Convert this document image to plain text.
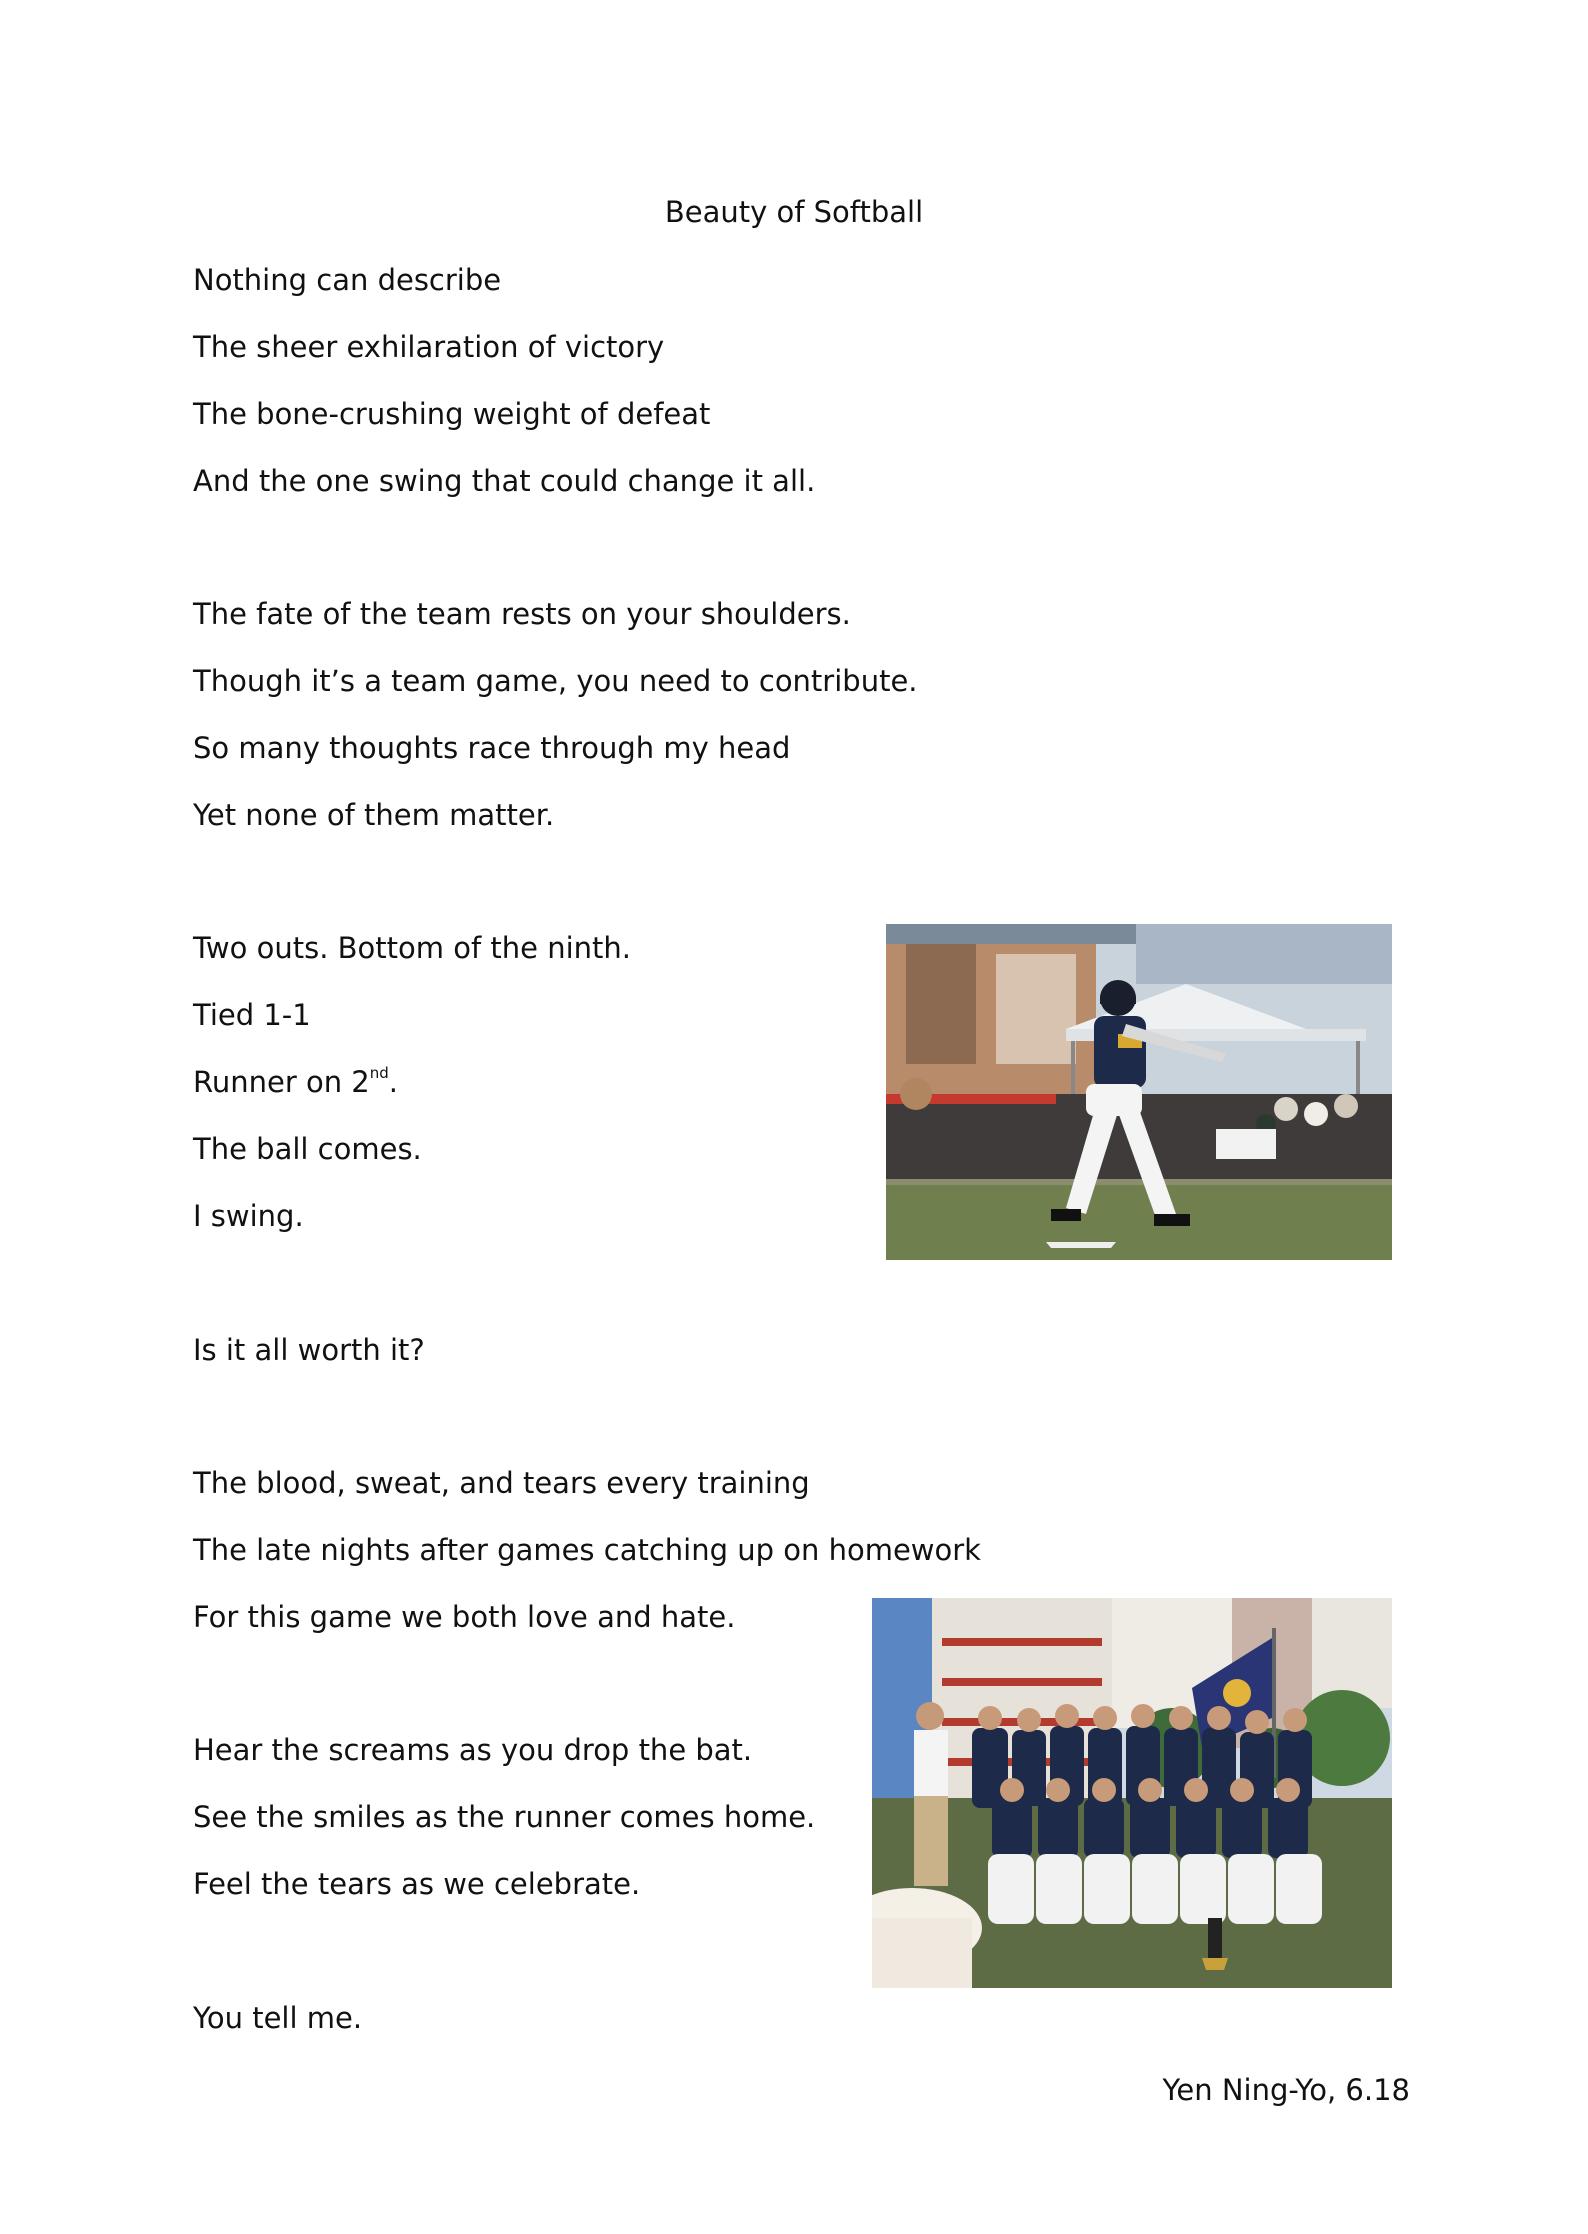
Beauty of Softball
Nothing can describe
The sheer exhilaration of victory
The bone-crushing weight of defeat
And the one swing that could change it all.
The fate of the team rests on your shoulders.
Though it’s a team game, you need to contribute.
So many thoughts race through my head
Yet none of them matter.
Two outs. Bottom of the ninth.
Tied 1-1
Runner on 2nd.
The ball comes.
I swing.
Is it all worth it?
The blood, sweat, and tears every training
The late nights after games catching up on homework
For this game we both love and hate.
Hear the screams as you drop the bat.
See the smiles as the runner comes home.
Feel the tears as we celebrate.
You tell me.
Yen Ning-Yo, 6.18
